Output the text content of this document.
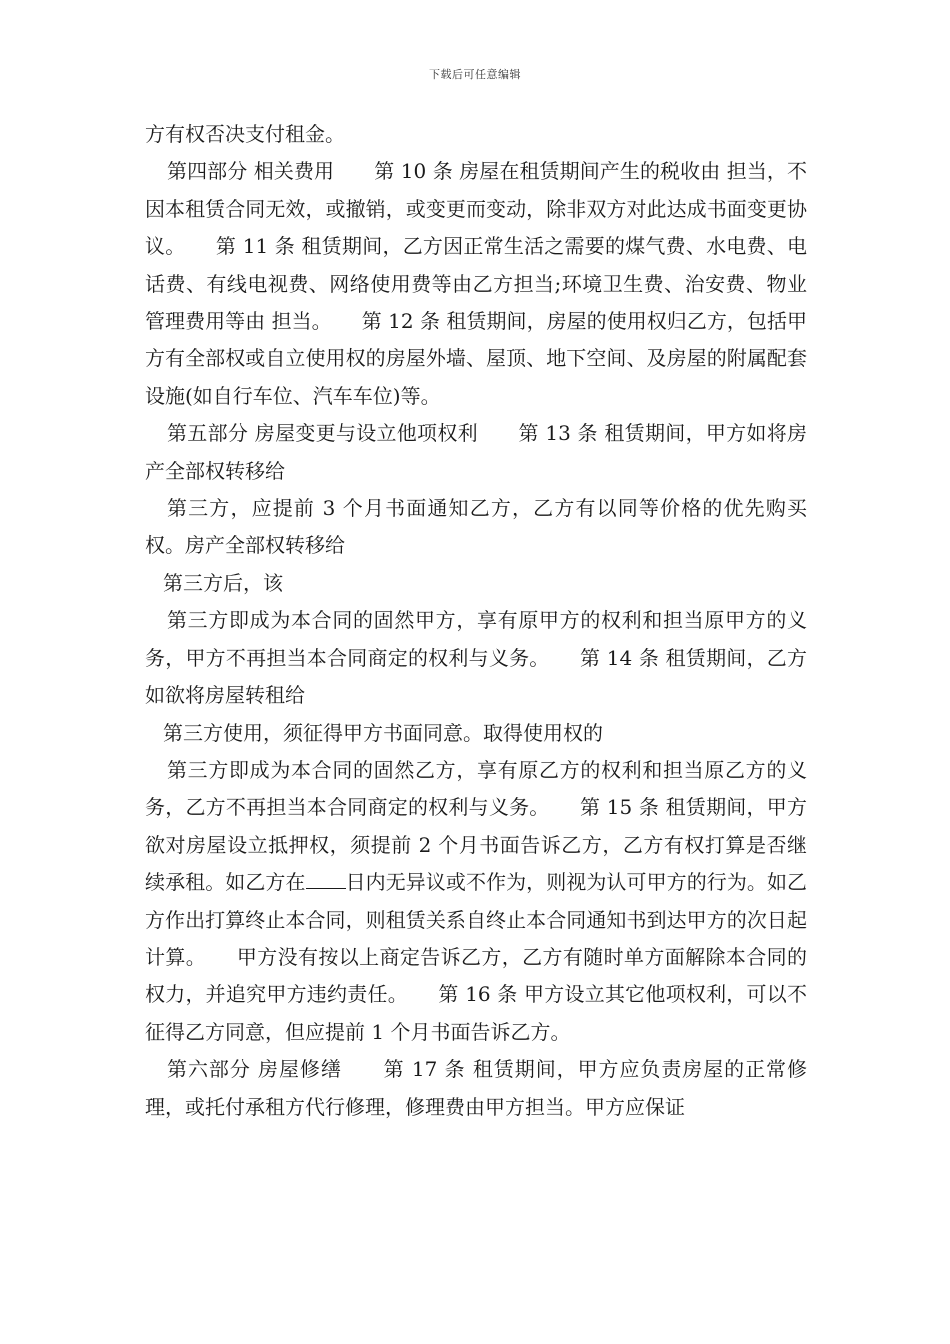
下载后可任意编辑

方有权否决支付租金。

第四部分 相关费用　　第 10 条 房屋在租赁期间产生的税收由 担当，不因本租赁合同无效，或撤销，或变更而变动，除非双方对此达成书面变更协议。　　第 11 条 租赁期间，乙方因正常生活之需要的煤气费、水电费、电话费、有线电视费、网络使用费等由乙方担当;环境卫生费、治安费、物业管理费用等由 担当。　　第 12 条 租赁期间，房屋的使用权归乙方，包括甲方有全部权或自立使用权的房屋外墙、屋顶、地下空间、及房屋的附属配套设施(如自行车位、汽车车位)等。

第五部分 房屋变更与设立他项权利　　第 13 条 租赁期间，甲方如将房产全部权转移给

第三方，应提前 3 个月书面通知乙方，乙方有以同等价格的优先购买权。房产全部权转移给

第三方后，该

第三方即成为本合同的固然甲方，享有原甲方的权利和担当原甲方的义务，甲方不再担当本合同商定的权利与义务。　　第 14 条 租赁期间，乙方如欲将房屋转租给

第三方使用，须征得甲方书面同意。取得使用权的

第三方即成为本合同的固然乙方，享有原乙方的权利和担当原乙方的义务，乙方不再担当本合同商定的权利与义务。　　第 15 条 租赁期间，甲方欲对房屋设立抵押权，须提前 2 个月书面告诉乙方，乙方有权打算是否继续承租。如乙方在 日内无异议或不作为，则视为认可甲方的行为。如乙方作出打算终止本合同，则租赁关系自终止本合同通知书到达甲方的次日起计算。　　甲方没有按以上商定告诉乙方，乙方有随时单方面解除本合同的权力，并追究甲方违约责任。　　第 16 条 甲方设立其它他项权利，可以不征得乙方同意，但应提前 1 个月书面告诉乙方。

第六部分 房屋修缮　　第 17 条 租赁期间，甲方应负责房屋的正常修理，或托付承租方代行修理，修理费由甲方担当。甲方应保证
